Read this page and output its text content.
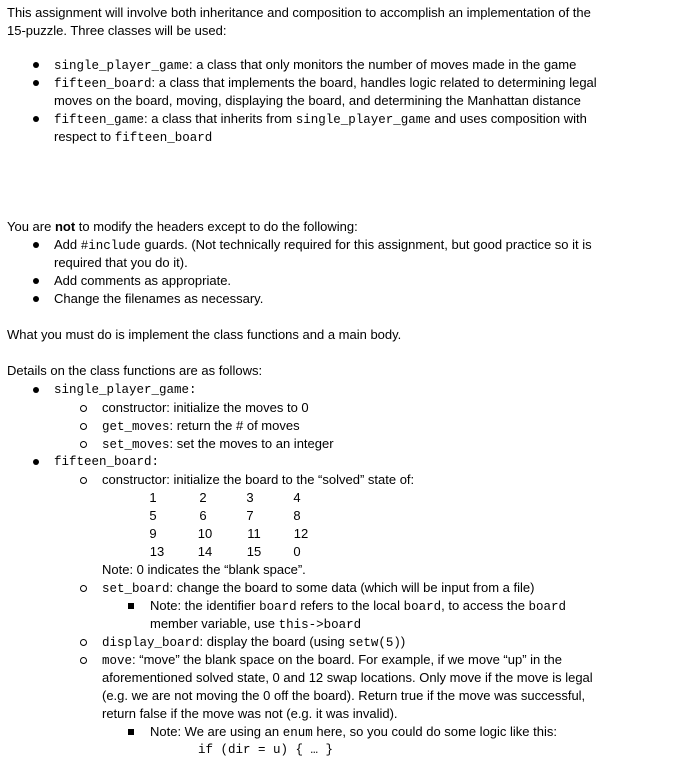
This assignment will involve both inheritance and composition to accomplish an implementation of the
15-puzzle. Three classes will be used:
single_player_game: a class that only monitors the number of moves made in the game
fifteen_board: a class that implements the board, handles logic related to determining legal
moves on the board, moving, displaying the board, and determining the Manhattan distance
fifteen_game: a class that inherits from single_player_game and uses composition with
respect to fifteen_board
You are not to modify the headers except to do the following:
Add #include guards. (Not technically required for this assignment, but good practice so it is
required that you do it).
Add comments as appropriate.
Change the filenames as necessary.
What you must do is implement the class functions and a main body.
Details on the class functions are as follows:
single_player_game:
constructor: initialize the moves to 0
get_moves: return the # of moves
set_moves: set the moves to an integer
fifteen_board:
constructor: initialize the board to the “solved” state of:
1	2	3	4
5	6	7	8
9	10	11	12
13	14	15	0
Note: 0 indicates the “blank space”.
set_board: change the board to some data (which will be input from a file)
Note: the identifier board refers to the local board, to access the board
member variable, use this->board
display_board: display the board (using setw(5))
move: “move” the blank space on the board. For example, if we move “up” in the
aforementioned solved state, 0 and 12 swap locations. Only move if the move is legal
(e.g. we are not moving the 0 off the board). Return true if the move was successful,
return false if the move was not (e.g. it was invalid).
Note: We are using an enum here, so you could do some logic like this:
if (dir = u) { … }
